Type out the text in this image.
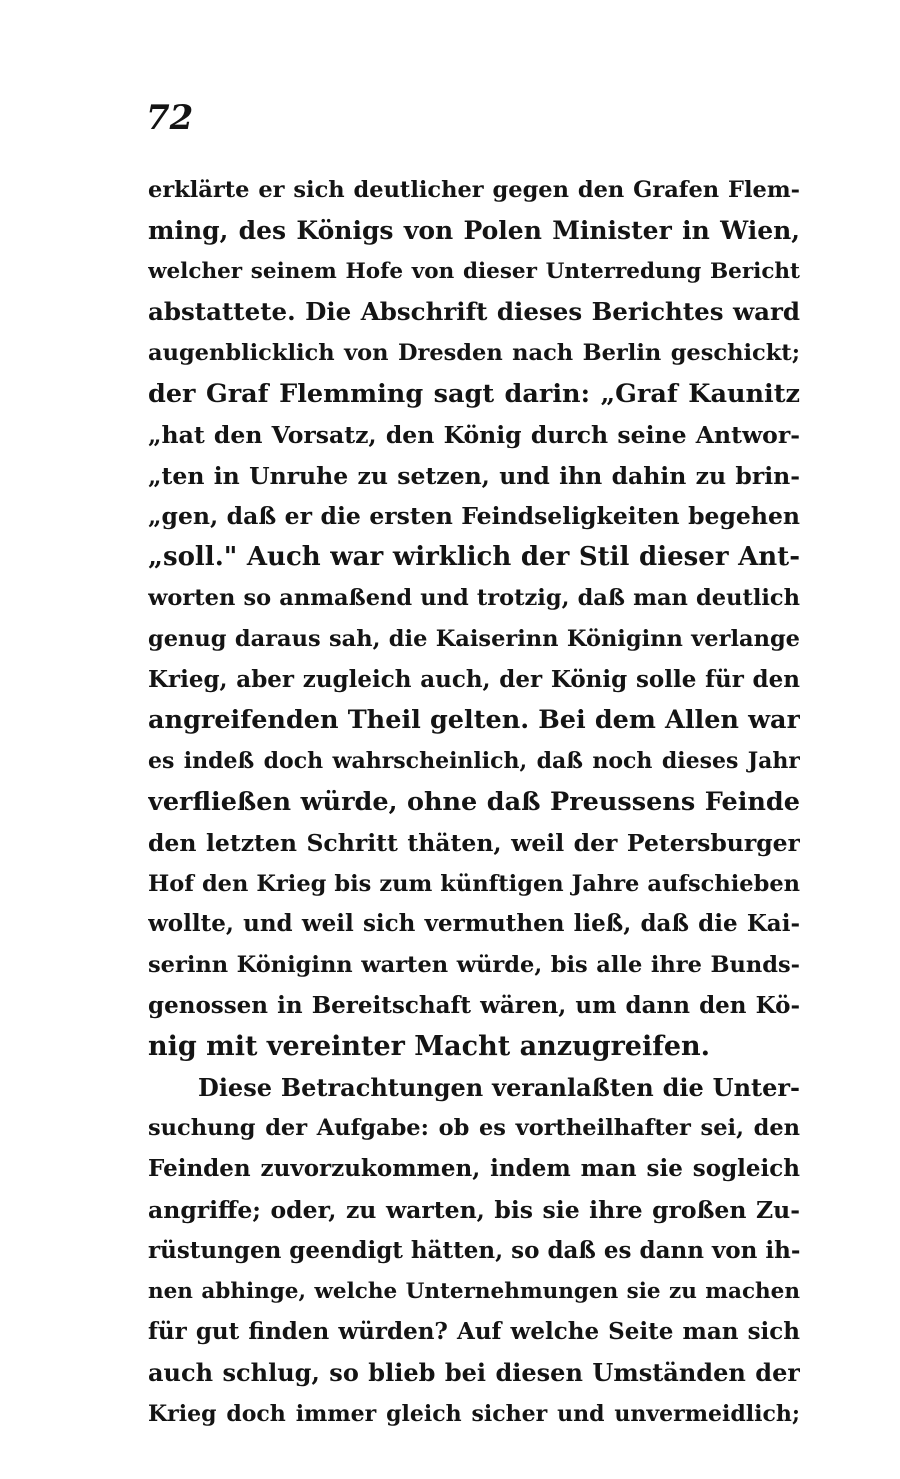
72
erklärte er sich deutlicher gegen den Grafen Flem-
ming, des Königs von Polen Minister in Wien,
welcher seinem Hofe von dieser Unterredung Bericht
abstattete. Die Abschrift dieses Berichtes ward
augenblicklich von Dresden nach Berlin geschickt;
der Graf Flemming sagt darin: „Graf Kaunitz
„hat den Vorsatz, den König durch seine Antwor-
„ten in Unruhe zu setzen, und ihn dahin zu brin-
„gen, daß er die ersten Feindseligkeiten begehen
„soll." Auch war wirklich der Stil dieser Ant-
worten so anmaßend und trotzig, daß man deutlich
genug daraus sah, die Kaiserinn Königinn verlange
Krieg, aber zugleich auch, der König solle für den
angreifenden Theil gelten. Bei dem Allen war
es indeß doch wahrscheinlich, daß noch dieses Jahr
verfließen würde, ohne daß Preussens Feinde
den letzten Schritt thäten, weil der Petersburger
Hof den Krieg bis zum künftigen Jahre aufschieben
wollte, und weil sich vermuthen ließ, daß die Kai-
serinn Königinn warten würde, bis alle ihre Bunds-
genossen in Bereitschaft wären, um dann den Kö-
nig mit vereinter Macht anzugreifen.
Diese Betrachtungen veranlaßten die Unter-
suchung der Aufgabe: ob es vortheilhafter sei, den
Feinden zuvorzukommen, indem man sie sogleich
angriffe; oder, zu warten, bis sie ihre großen Zu-
rüstungen geendigt hätten, so daß es dann von ih-
nen abhinge, welche Unternehmungen sie zu machen
für gut finden würden? Auf welche Seite man sich
auch schlug, so blieb bei diesen Umständen der
Krieg doch immer gleich sicher und unvermeidlich;
